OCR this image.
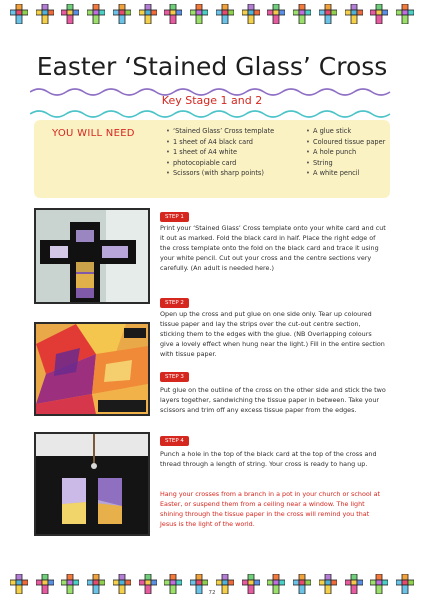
Easter ‘Stained Glass’ Cross
Key Stage 1 and 2
YOU WILL NEED
•	‘Stained Glass’ Cross template
• 1 sheet of A4 black card
• 1 sheet of A4 white
• photocopiable card
• Scissors (with sharp points)
• A glue stick
• Coloured tissue paper
• A hole punch
• String
• A white pencil
STEP 1

Print your ‘Stained Glass’ Cross template onto your white card and cut it out as marked. Fold the black card in half. Place the right edge of the cross template onto the fold on the black card and trace it using your white pencil. Cut out your cross and the centre sections very carefully. (An adult is needed here.)

STEP 2

Open up the cross and put glue on one side only. Tear up coloured tissue paper and lay the strips over the cut-out centre section, sticking them to the edges with the glue. (NB Overlapping colours give a lovely effect when hung near the light.) Fill in the entire section with tissue paper.

STEP 3

Put glue on the outline of the cross on the other side and stick the two layers together, sandwiching the tissue paper in between. Take your scissors and trim off any excess tissue paper from the edges.

STEP 4

Punch a hole in the top of the black card at the top of the cross and thread through a length of string. Your cross is ready to hang up.

Hang your crosses from a branch in a pot in your church or school at Easter, or suspend them from a ceiling near a window. The light shining through the tissue paper in the cross will remind you that Jesus is the light of the world.

72
